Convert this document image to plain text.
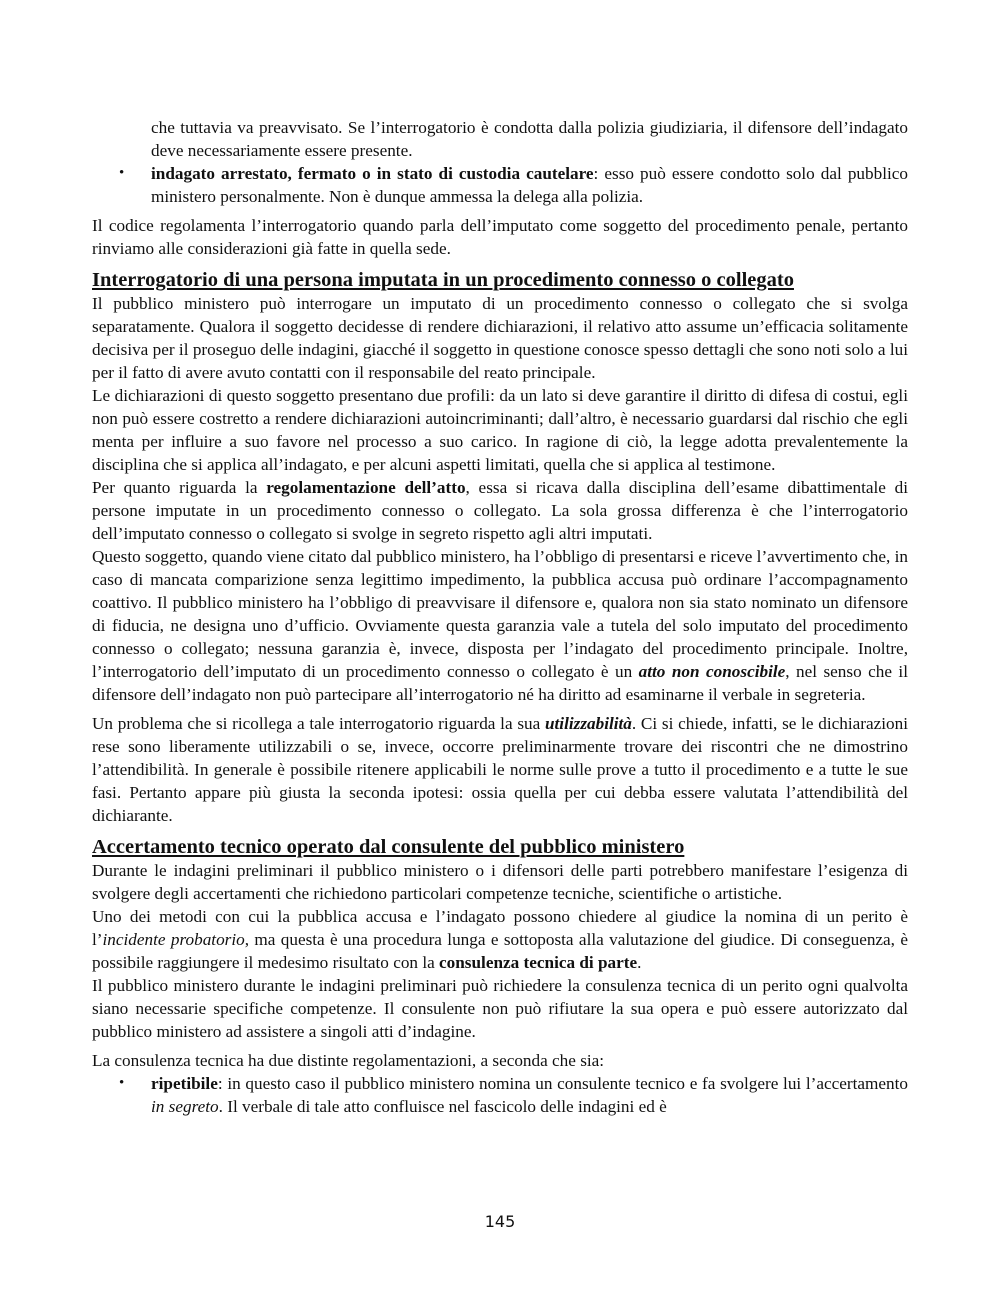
che tuttavia va preavvisato. Se l’interrogatorio è condotta dalla polizia giudiziaria, il difensore dell’indagato deve necessariamente essere presente.

• indagato arrestato, fermato o in stato di custodia cautelare: esso può essere condotto solo dal pubblico ministero personalmente. Non è dunque ammessa la delega alla polizia.

Il codice regolamenta l’interrogatorio quando parla dell’imputato come soggetto del procedimento penale, pertanto rinviamo alle considerazioni già fatte in quella sede.

Interrogatorio di una persona imputata in un procedimento connesso o collegato

Il pubblico ministero può interrogare un imputato di un procedimento connesso o collegato che si svolga separatamente. Qualora il soggetto decidesse di rendere dichiarazioni, il relativo atto assume un’efficacia solitamente decisiva per il proseguo delle indagini, giacché il soggetto in questione conosce spesso dettagli che sono noti solo a lui per il fatto di avere avuto contatti con il responsabile del reato principale.

Le dichiarazioni di questo soggetto presentano due profili: da un lato si deve garantire il diritto di difesa di costui, egli non può essere costretto a rendere dichiarazioni autoincriminanti; dall’altro, è necessario guardarsi dal rischio che egli menta per influire a suo favore nel processo a suo carico. In ragione di ciò, la legge adotta prevalentemente la disciplina che si applica all’indagato, e per alcuni aspetti limitati, quella che si applica al testimone.

Per quanto riguarda la regolamentazione dell’atto, essa si ricava dalla disciplina dell’esame dibattimentale di persone imputate in un procedimento connesso o collegato. La sola grossa differenza è che l’interrogatorio dell’imputato connesso o collegato si svolge in segreto rispetto agli altri imputati.

Questo soggetto, quando viene citato dal pubblico ministero, ha l’obbligo di presentarsi e riceve l’avvertimento che, in caso di mancata comparizione senza legittimo impedimento, la pubblica accusa può ordinare l’accompagnamento coattivo. Il pubblico ministero ha l’obbligo di preavvisare il difensore e, qualora non sia stato nominato un difensore di fiducia, ne designa uno d’ufficio. Ovviamente questa garanzia vale a tutela del solo imputato del procedimento connesso o collegato; nessuna garanzia è, invece, disposta per l’indagato del procedimento principale. Inoltre, l’interrogatorio dell’imputato di un procedimento connesso o collegato è un atto non conoscibile, nel senso che il difensore dell’indagato non può partecipare all’interrogatorio né ha diritto ad esaminarne il verbale in segreteria.

Un problema che si ricollega a tale interrogatorio riguarda la sua utilizzabilità. Ci si chiede, infatti, se le dichiarazioni rese sono liberamente utilizzabili o se, invece, occorre preliminarmente trovare dei riscontri che ne dimostrino l’attendibilità. In generale è possibile ritenere applicabili le norme sulle prove a tutto il procedimento e a tutte le sue fasi. Pertanto appare più giusta la seconda ipotesi: ossia quella per cui debba essere valutata l’attendibilità del dichiarante.

Accertamento tecnico operato dal consulente del pubblico ministero

Durante le indagini preliminari il pubblico ministero o i difensori delle parti potrebbero manifestare l’esigenza di svolgere degli accertamenti che richiedono particolari competenze tecniche, scientifiche o artistiche.

Uno dei metodi con cui la pubblica accusa e l’indagato possono chiedere al giudice la nomina di un perito è l’incidente probatorio, ma questa è una procedura lunga e sottoposta alla valutazione del giudice. Di conseguenza, è possibile raggiungere il medesimo risultato con la consulenza tecnica di parte.

Il pubblico ministero durante le indagini preliminari può richiedere la consulenza tecnica di un perito ogni qualvolta siano necessarie specifiche competenze. Il consulente non può rifiutare la sua opera e può essere autorizzato dal pubblico ministero ad assistere a singoli atti d’indagine.

La consulenza tecnica ha due distinte regolamentazioni, a seconda che sia:

• ripetibile: in questo caso il pubblico ministero nomina un consulente tecnico e fa svolgere lui l’accertamento in segreto. Il verbale di tale atto confluisce nel fascicolo delle indagini ed è
145
